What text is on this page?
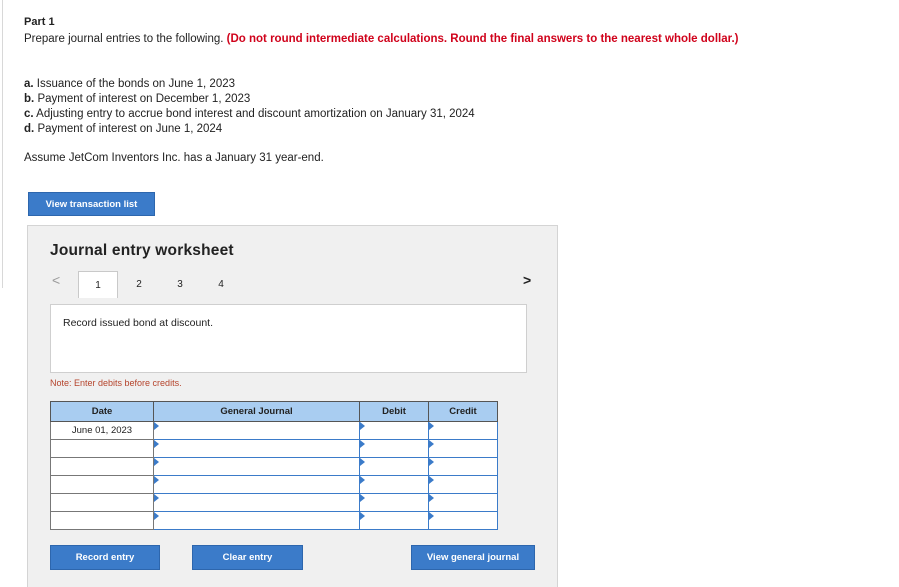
Part 1
Prepare journal entries to the following. (Do not round intermediate calculations. Round the final answers to the nearest whole dollar.)
a. Issuance of the bonds on June 1, 2023
b. Payment of interest on December 1, 2023
c. Adjusting entry to accrue bond interest and discount amortization on January 31, 2024
d. Payment of interest on June 1, 2024
Assume JetCom Inventors Inc. has a January 31 year-end.
View transaction list
Journal entry worksheet
<	1	2	3	4	>
Record issued bond at discount.
Note: Enter debits before credits.
Date	General Journal	Debit	Credit
June 01, 2023			

Record entry	Clear entry	View general journal
